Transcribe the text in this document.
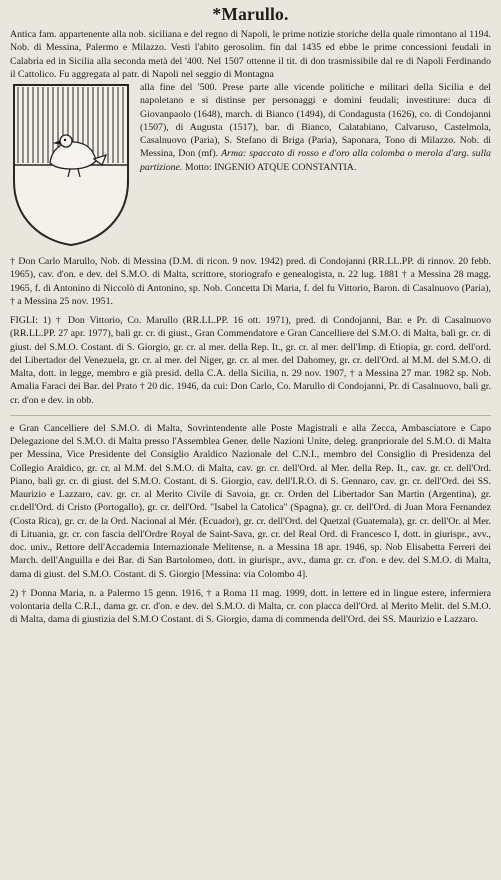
*Marullo.

Antica fam. appartenente alla nob. siciliana e del regno di Napoli, le prime notizie storiche della quale rimontano al 1194. Nob. di Messina, Palermo e Milazzo. Vestì l'abito gerosolim. fin dal 1435 ed ebbe le prime concessioni feudali in Calabria ed in Sicilia alla seconda metà del '400. Nel 1507 ottenne il tit. di don trasmissibile dal re di Napoli Ferdinando il Cattolico. Fu aggregata al patr. di Napoli nel seggio di Montagna

alla fine del '500. Prese parte alle vicende politiche e militari della Sicilia e del napoletano e si distinse per personaggi e domini feudali; investiture: duca di Giovanpaolo (1648), march. di Bianco (1494), di Condagusta (1626), co. di Condojanni (1507), di Augusta (1517), bar. di Bianco, Calatabiano, Calvaruso, Castelmola, Casalnuovo (Paria), S. Stefano di Briga (Paria), Saponara, Tono di Milazzo. Nob. di Messina, Don (mf). Arma: spaccato di rosso e d'oro alla colomba o merola d'arg. sulla partizione. Motto: INGENIO ATQUE CONSTANTIA.

† Don Carlo Marullo, Nob. di Messina (D.M. di ricon. 9 nov. 1942) pred. di Condojanni (RR.LL.PP. di rinnov. 20 febb. 1965), cav. d'on. e dev. del S.M.O. di Malta, scrittore, storiografo e genealogista, n. 22 lug. 1881 † a Messina 28 magg. 1965, f. di Antonino di Niccolò di Antonino, sp. Nob. Concetta Di Maria, f. del fu Vittorio, Baron. di Casalnuovo (Paria), † a Messina 25 nov. 1951.

FIGLI: 1) † Don Vittorio, Co. Marullo (RR.LL.PP. 16 ott. 1971), pred. di Condojanni, Bar. e Pr. di Casalnuovo (RR.LL.PP. 27 apr. 1977), balì gr. cr. di giust., Gran Commendatore e Gran Cancelliere del S.M.O. di Malta, balì gr. cr. di giust. del S.M.O. Costant. di S. Giorgio, gr. cr. al mer. della Rep. It., gr. cr. al mer. dell'Imp. di Etiopia, gr. cord. dell'ord. del Libertador del Venezuela, gr. cr. al mer. del Niger, gr. cr. al mer. del Dahomey, gr. cr. dell'Ord. al M.M. del S.M.O. di Malta, dott. in legge, membro e già presid. della C.A. della Sicilia, n. 29 nov. 1907, † a Messina 27 mar. 1982 sp. Nob. Amalia Faraci dei Bar. del Prato † 20 dic. 1946, da cui: Don Carlo, Co. Marullo di Condojanni, Pr. di Casalnuovo, balì gr. cr. d'on e dev. in obb.

e Gran Cancelliere del S.M.O. di Malta, Sovrintendente alle Poste Magistrali e alla Zecca, Ambasciatore e Capo Delegazione del S.M.O. di Malta presso l'Assemblea Gener. delle Nazioni Unite, deleg. granpriorale del S.M.O. di Malta per Messina, Vice Presidente del Consiglio Araldico Nazionale del C.N.I., membro del Consiglio di Presidenza del Collegio Araldico, gr. cr. al M.M. del S.M.O. di Malta, cav. gr. cr. dell'Ord. al Mer. della Rep. It., cav. gr. cr. dell'Ord. Piano, balì gr. cr. di giust. del S.M.O. Costant. di S. Giorgio, cav. dell'I.R.O. di S. Gennaro, cav. gr. cr. dell'Ord. dei SS. Maurizio e Lazzaro, cav. gr. cr. al Merito Civile di Savoia, gr. cr. Orden del Libertador San Martin (Argentina), gr. cr.dell'Ord. di Cristo (Portogallo), gr. cr. dell'Ord. "Isabel la Catolica" (Spagna), gr. cr. dell'Ord. di Juan Mora Fernandez (Costa Rica), gr. cr. de la Ord. Nacional al Mér. (Ecuador), gr. cr. dell'Ord. del Quetzal (Guatemala), gr. cr. dell'Or. al Mer. di Lituania, gr. cr. con fascia dell'Ordre Royal de Saint-Sava, gr. cr. del Real Ord. di Francesco I, dott. in giurispr., avv., doc. univ., Rettore dell'Accademia Internazionale Melitense, n. a Messina 18 apr. 1946, sp. Nob Elisabetta Ferreri dei March. dell'Anguilla e dei Bar. di San Bartolomeo, dott. in giurispr., avv., dama gr. cr. d'on. e dev. del S.M.O. di Malta, dama di giust. del S.M.O. Costant. di S. Giorgio [Messina: via Colombo 4].

2) † Donna Maria, n. a Palermo 15 genn. 1916, † a Roma 11 mag. 1999, dott. in lettere ed in lingue estere, infermiera volontaria della C.R.I., dama gr. cr. d'on. e dev. del S.M.O. di Malta, cr. con placca dell'Ord. al Merito Melit. del S.M.O. di Malta, dama di giustizia del S.M.O Costant. di S. Giorgio, dama di commenda dell'Ord. dei SS. Maurizio e Lazzaro.
